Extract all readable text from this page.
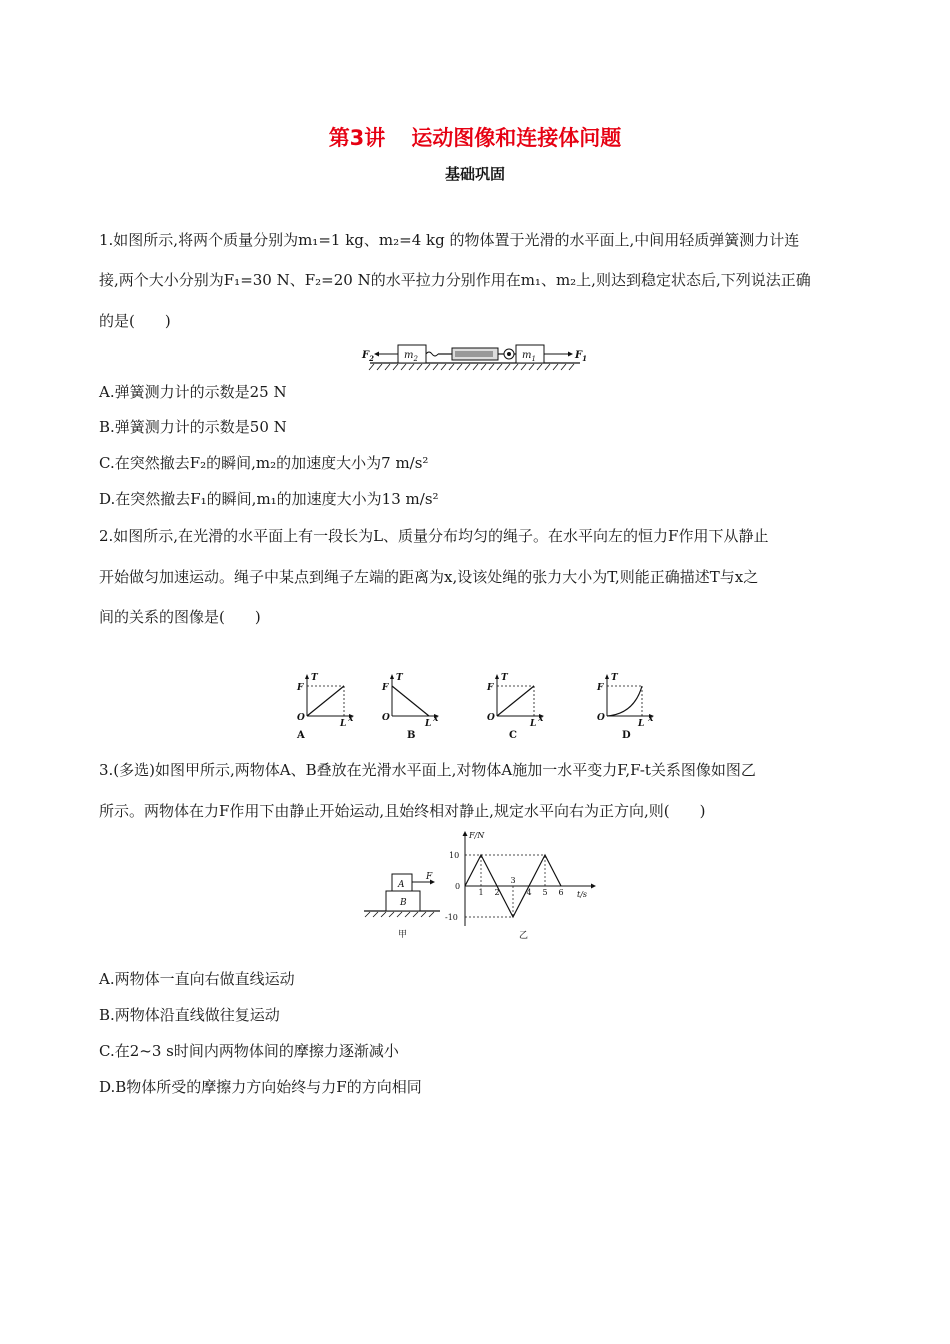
第3讲 运动图像和连接体问题
基础巩固
1.如图所示,将两个质量分别为m₁=1 kg、m₂=4 kg 的物体置于光滑的水平面上,中间用轻质弹簧测力计连
接,两个大小分别为F₁=30 N、F₂=20 N的水平拉力分别作用在m₁、m₂上,则达到稳定状态后,下列说法正确
的是(　　)
$F_2$	$m_2$	$m_1$	$F_1$
A.弹簧测力计的示数是25 N
B.弹簧测力计的示数是50 N
C.在突然撤去F₂的瞬间,m₂的加速度大小为7 m/s²
D.在突然撤去F₁的瞬间,m₁的加速度大小为13 m/s²
2.如图所示,在光滑的水平面上有一段长为L、质量分布均匀的绳子。在水平向左的恒力F作用下从静止
开始做匀加速运动。绳子中某点到绳子左端的距离为x,设该处绳的张力大小为T,则能正确描述T与x之
间的关系的图像是(　　)
T
F
O
L x
A
T
F
O
L x
B
T
F
O
L x
C
T
F
O
L x
D
3.(多选)如图甲所示,两物体A、B叠放在光滑水平面上,对物体A施加一水平变力F,F-t关系图像如图乙
所示。两物体在力F作用下由静止开始运动,且始终相对静止,规定水平向右为正方向,则(　　)
A
B
F
甲
F/N
t/s
10
0
-10
1 2
3
4 5 6
乙
A.两物体一直向右做直线运动
B.两物体沿直线做往复运动
C.在2~3 s时间内两物体间的摩擦力逐渐减小
D.B物体所受的摩擦力方向始终与力F的方向相同
